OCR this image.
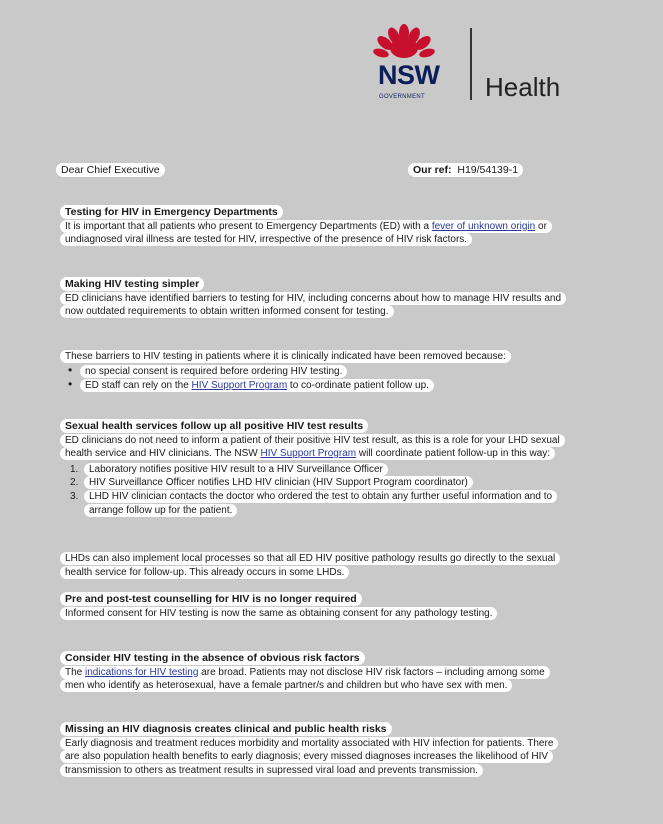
NSW
GOVERNMENT Health
Dear Chief Executive	Our ref: H19/54139-1
Testing for HIV in Emergency Departments

It is important that all patients who present to Emergency Departments (ED) with a fever of unknown origin or undiagnosed viral illness are tested for HIV, irrespective of the presence of HIV risk factors.

Making HIV testing simpler

ED clinicians have identified barriers to testing for HIV, including concerns about how to manage HIV results and now outdated requirements to obtain written informed consent for testing.

These barriers to HIV testing in patients where it is clinically indicated have been removed because:

• no special consent is required before ordering HIV testing.
• ED staff can rely on the HIV Support Program to co-ordinate patient follow up.
Sexual health services follow up all positive HIV test results

ED clinicians do not need to inform a patient of their positive HIV test result, as this is a role for your LHD sexual health service and HIV clinicians. The NSW HIV Support Program will coordinate patient follow-up in this way:

1. Laboratory notifies positive HIV result to a HIV Surveillance Officer
2. HIV Surveillance Officer notifies LHD HIV clinician (HIV Support Program coordinator)
3. LHD HIV clinician contacts the doctor who ordered the test to obtain any further useful information and to arrange follow up for the patient.

LHDs can also implement local processes so that all ED HIV positive pathology results go directly to the sexual health service for follow-up. This already occurs in some LHDs.

Pre and post-test counselling for HIV is no longer required

Informed consent for HIV testing is now the same as obtaining consent for any pathology testing.

Consider HIV testing in the absence of obvious risk factors

The indications for HIV testing are broad. Patients may not disclose HIV risk factors – including among some men who identify as heterosexual, have a female partner/s and children but who have sex with men.

Missing an HIV diagnosis creates clinical and public health risks

Early diagnosis and treatment reduces morbidity and mortality associated with HIV infection for patients. There are also population health benefits to early diagnosis; every missed diagnoses increases the likelihood of HIV transmission to others as treatment results in supressed viral load and prevents transmission.
